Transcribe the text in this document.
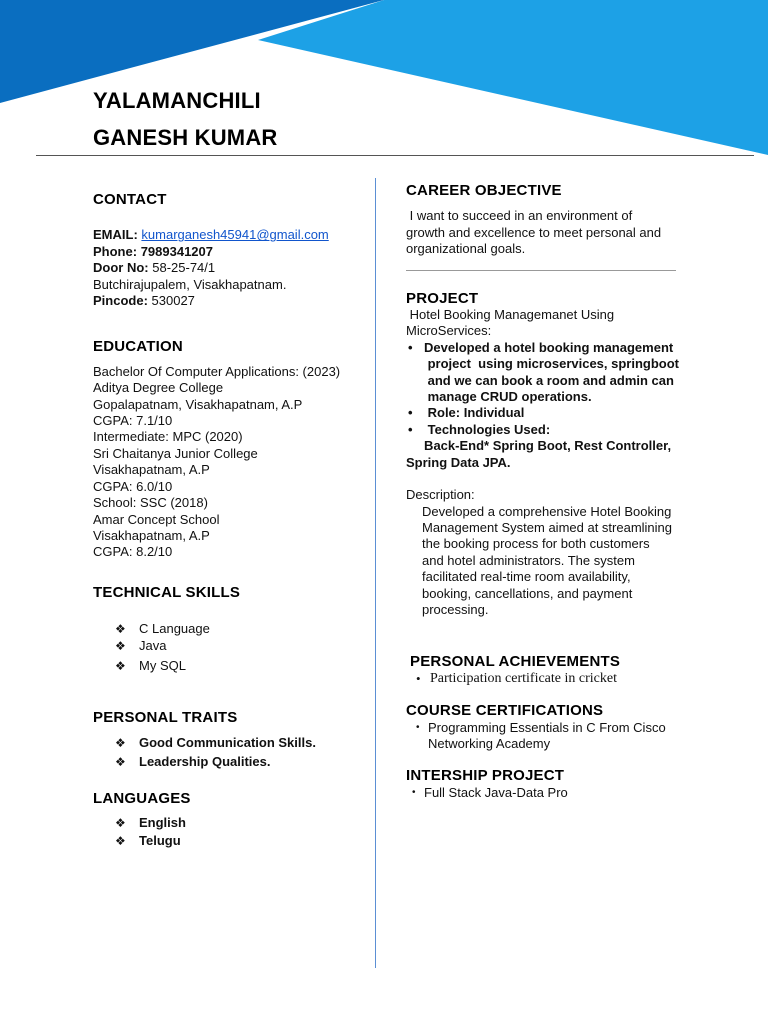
YALAMANCHILI
GANESH KUMAR
CONTACT
EMAIL: kumarganesh45941@gmail.com
Phone: 7989341207
Door No: 58-25-74/1
Butchirajupalem, Visakhapatnam.
Pincode: 530027
EDUCATION
Bachelor Of Computer Applications: (2023)
Aditya Degree College
Gopalapatnam, Visakhapatnam, A.P
CGPA: 7.1/10
Intermediate: MPC (2020)
Sri Chaitanya Junior College
Visakhapatnam, A.P
CGPA: 6.0/10
School: SSC (2018)
Amar Concept School
Visakhapatnam, A.P
CGPA: 8.2/10
TECHNICAL SKILLS
❖ C Language
❖ Java
❖ My SQL
PERSONAL TRAITS
❖ Good Communication Skills.
❖ Leadership Qualities.
LANGUAGES
❖ English
❖ Telugu
CAREER OBJECTIVE
I want to succeed in an environment of
growth and excellence to meet personal and
organizational goals.
PROJECT
Hotel Booking Managemanet Using
MicroServices:
• Developed a hotel booking management
project  using microservices, springboot
and we can book a room and admin can
manage CRUD operations.
• Role: Individual
• Technologies Used:
Back-End* Spring Boot, Rest Controller,
Spring Data JPA.
Description:
Developed a comprehensive Hotel Booking
Management System aimed at streamlining
the booking process for both customers
and hotel administrators. The system
facilitated real-time room availability,
booking, cancellations, and payment
processing.
PERSONAL ACHIEVEMENTS
• Participation certificate in cricket
COURSE CERTIFICATIONS
• Programming Essentials in C From Cisco
Networking Academy
INTERSHIP PROJECT
• Full Stack Java-Data Pro
